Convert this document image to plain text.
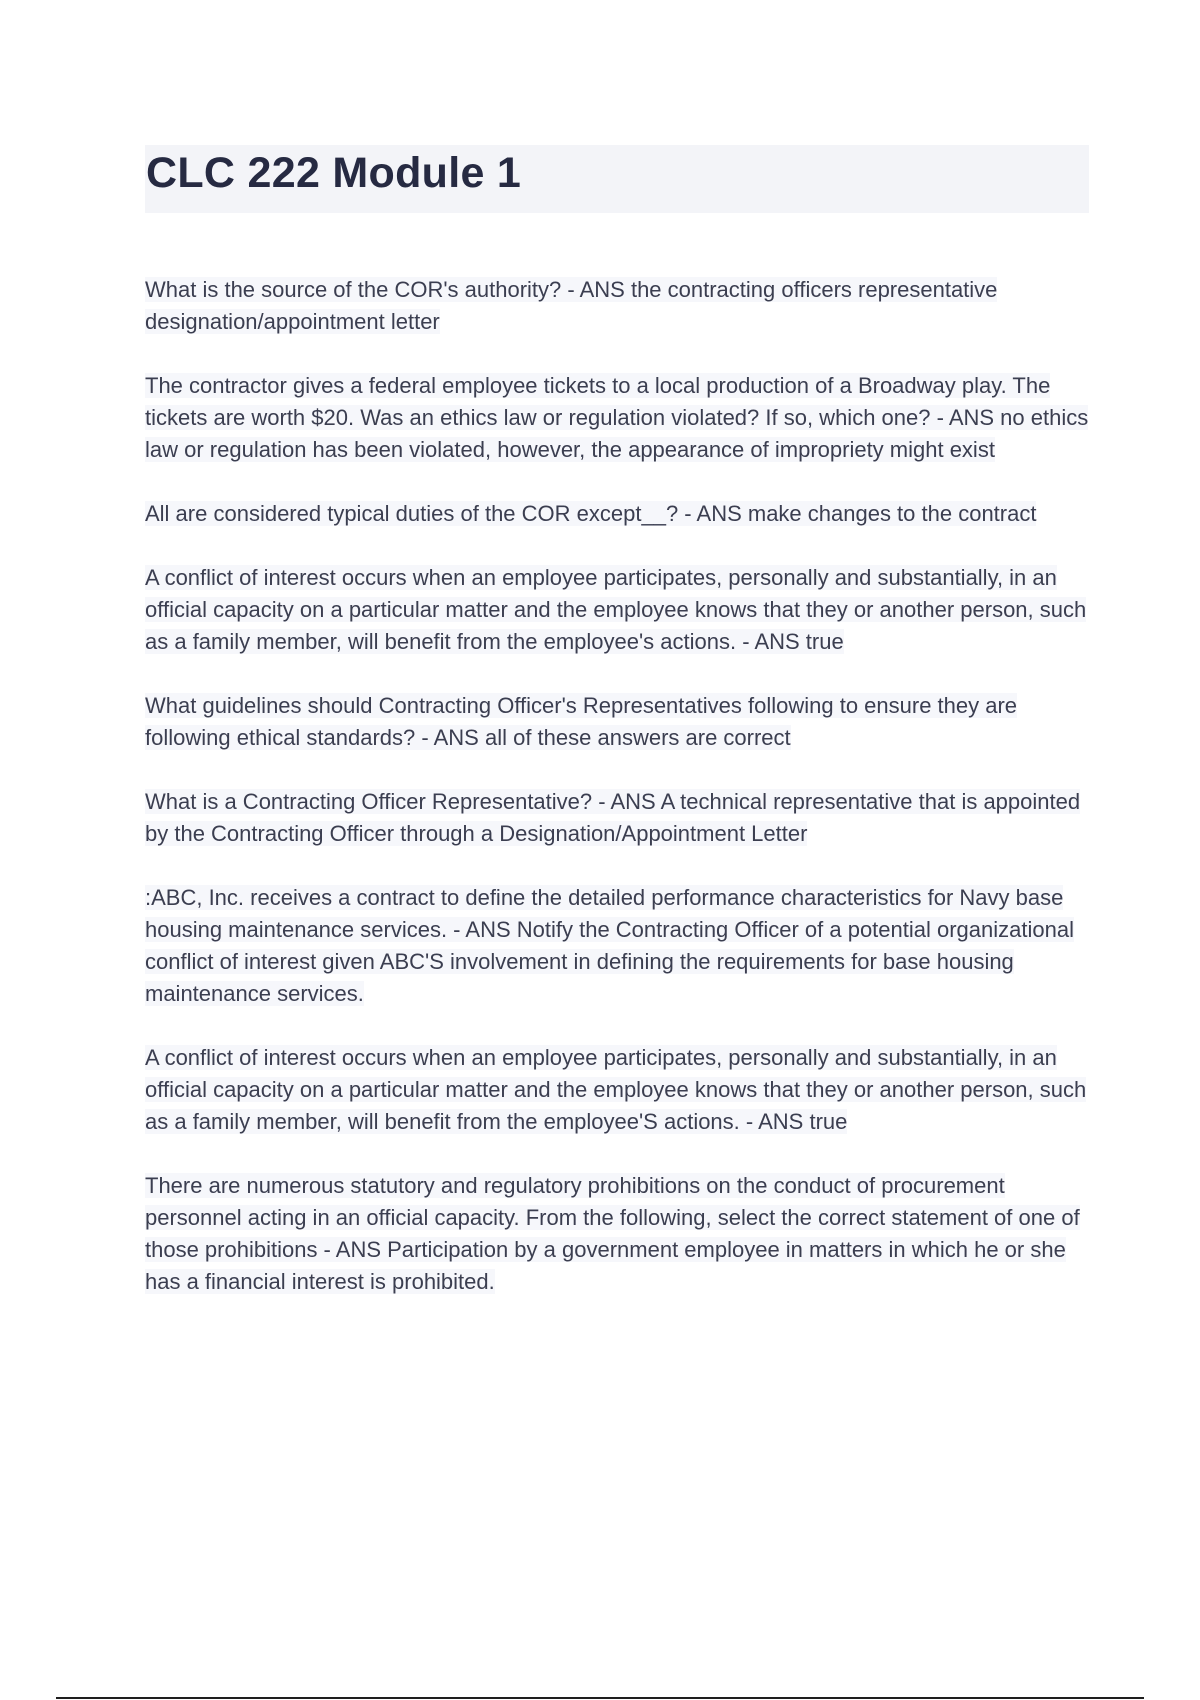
CLC 222 Module 1

What is the source of the COR's authority? - ANS the contracting officers representative designation/appointment letter

The contractor gives a federal employee tickets to a local production of a Broadway play. The tickets are worth $20. Was an ethics law or regulation violated? If so, which one? - ANS no ethics law or regulation has been violated, however, the appearance of impropriety might exist

All are considered typical duties of the COR except__? - ANS make changes to the contract

A conflict of interest occurs when an employee participates, personally and substantially, in an official capacity on a particular matter and the employee knows that they or another person, such as a family member, will benefit from the employee's actions. - ANS true

What guidelines should Contracting Officer's Representatives following to ensure they are following ethical standards? - ANS all of these answers are correct

What is a Contracting Officer Representative? - ANS A technical representative that is appointed by the Contracting Officer through a Designation/Appointment Letter

:ABC, Inc. receives a contract to define the detailed performance characteristics for Navy base housing maintenance services. - ANS Notify the Contracting Officer of a potential organizational conflict of interest given ABC'S involvement in defining the requirements for base housing maintenance services.

A conflict of interest occurs when an employee participates, personally and substantially, in an official capacity on a particular matter and the employee knows that they or another person, such as a family member, will benefit from the employee'S actions. - ANS true

There are numerous statutory and regulatory prohibitions on the conduct of procurement personnel acting in an official capacity. From the following, select the correct statement of one of those prohibitions - ANS Participation by a government employee in matters in which he or she has a financial interest is prohibited.
